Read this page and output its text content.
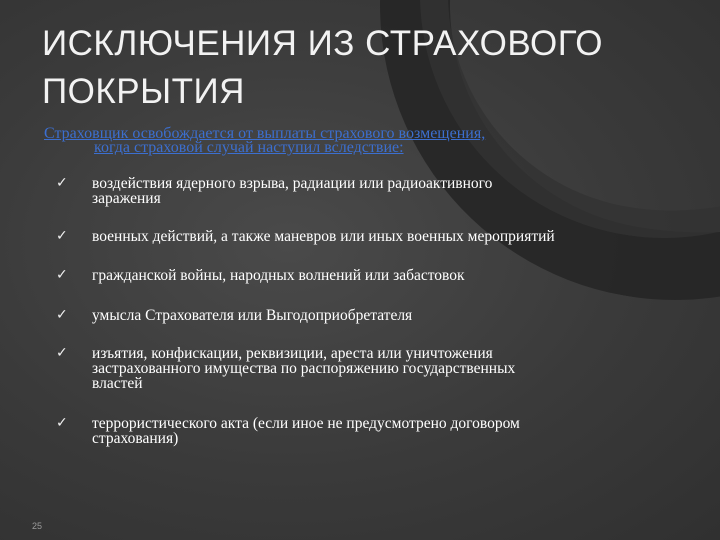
ИСКЛЮЧЕНИЯ ИЗ СТРАХОВОГО
ПОКРЫТИЯ

Страховщик освобождается от выплаты страхового возмещения,
когда страховой случай наступил вследствие:

✓	воздействия ядерного взрыва, радиации или радиоактивного
заражения
✓	военных действий, а также маневров или иных военных мероприятий
✓	гражданской войны, народных волнений или забастовок
✓	умысла Страхователя или Выгодоприобретателя
✓	изъятия, конфискации, реквизиции, ареста или уничтожения
застрахованного имущества по распоряжению государственных
властей
✓	террористического акта (если иное не предусмотрено договором
страхования)
25
